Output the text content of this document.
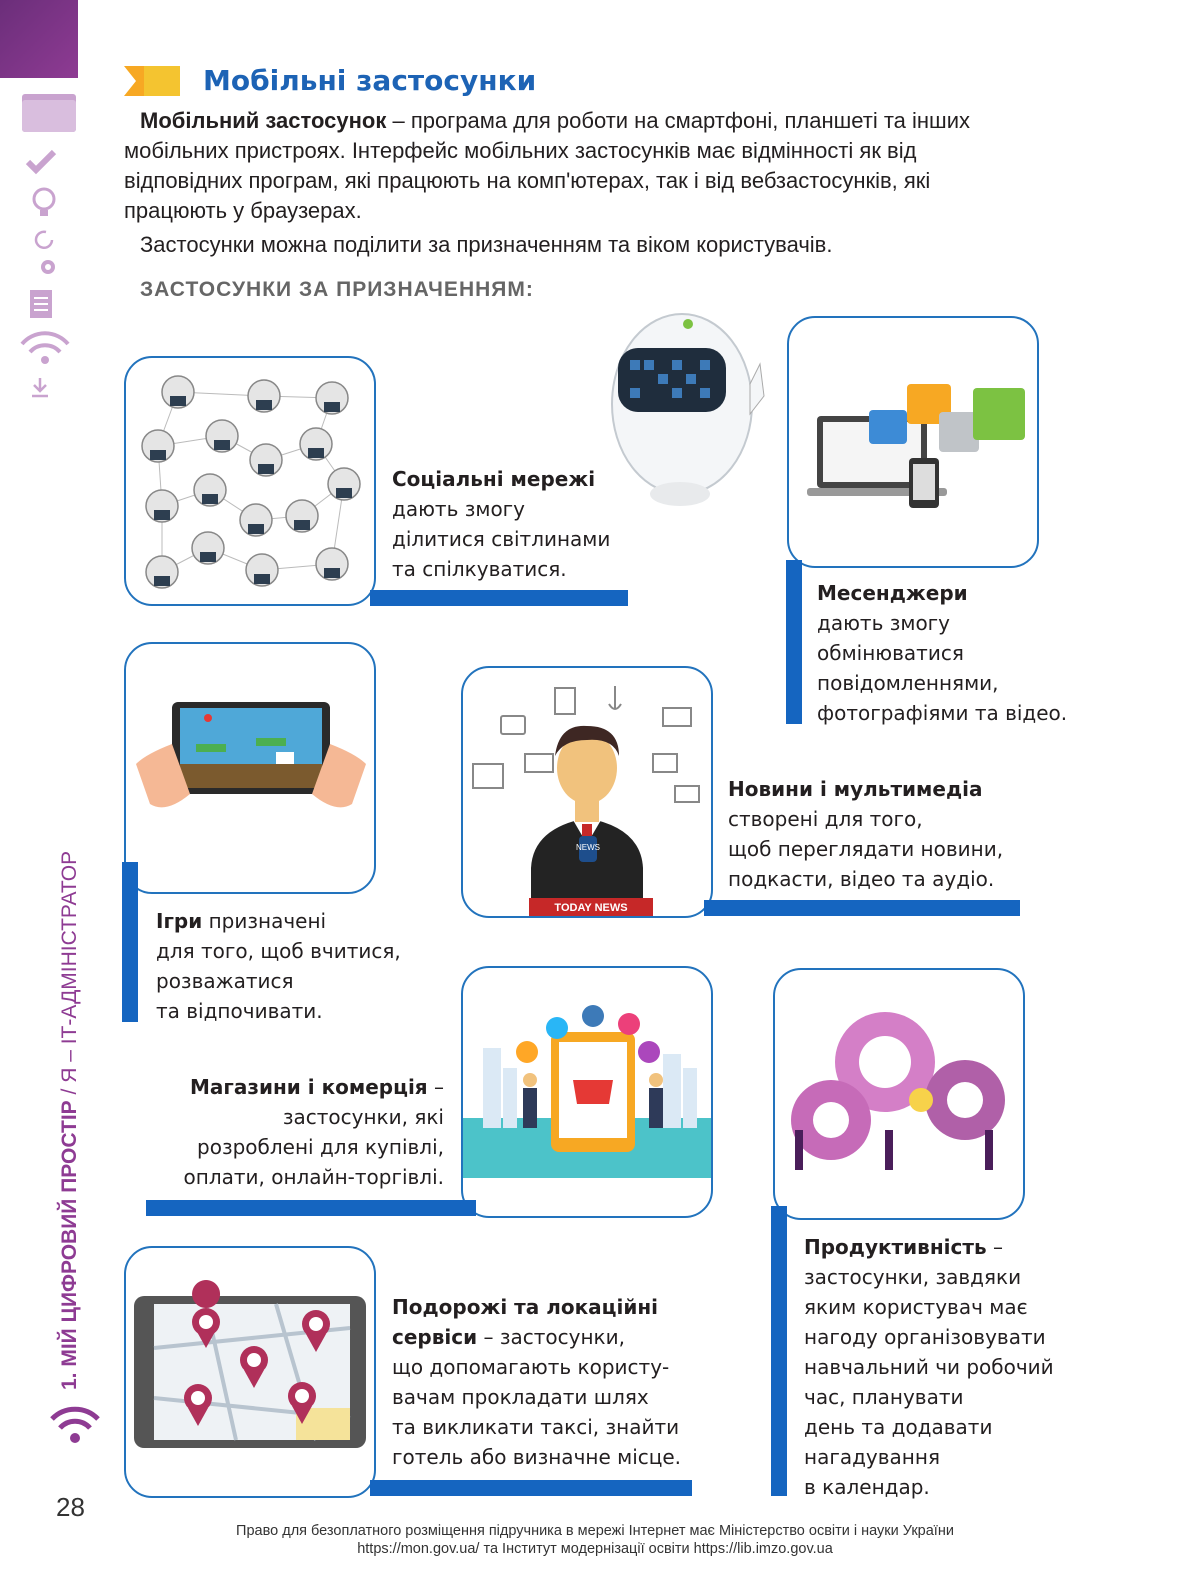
1. МІЙ ЦИФРОВИЙ ПРОСТІР / Я – ІТ-АДМІНІСТРАТОР
28
Мобільні застосунки
Мобільний застосунок – програма для роботи на смартфоні, планшеті та інших мобільних пристроях. Інтерфейс мобільних застосунків має відмінності як від відповідних програм, які працюють на комп'ютерах, так і від вебзастосунків, які працюють у браузерах.
Застосунки можна поділити за призначенням та віком користувачів.
ЗАСТОСУНКИ ЗА ПРИЗНАЧЕННЯМ:
Соціальні мережі
дають змогу
ділитися світлинами
та спілкуватися.
Месенджери
дають змогу
обмінюватися
повідомленнями,
фотографіями та відео.
Ігри призначені
для того, щоб вчитися,
розважатися
та відпочивати.
NEWS
TODAY NEWS
Новини і мультимедіа
створені для того,
щоб переглядати новини,
подкасти, відео та аудіо.
Магазини і комерція –
застосунки, які
розроблені для купівлі,
оплати, онлайн-торгівлі.
Продуктивність –
застосунки, завдяки
яким користувач має
нагоду організовувати
навчальний чи робочий
час, планувати
день та додавати
нагадування
в календар.
Подорожі та локаційні
сервіси – застосунки,
що допомагають користу-
вачам прокладати шлях
та викликати таксі, знайти
готель або визначне місце.
Право для безоплатного розміщення підручника в мережі Інтернет має Міністерство освіти і науки України
https://mon.gov.ua/ та Інститут модернізації освіти https://lib.imzo.gov.ua
